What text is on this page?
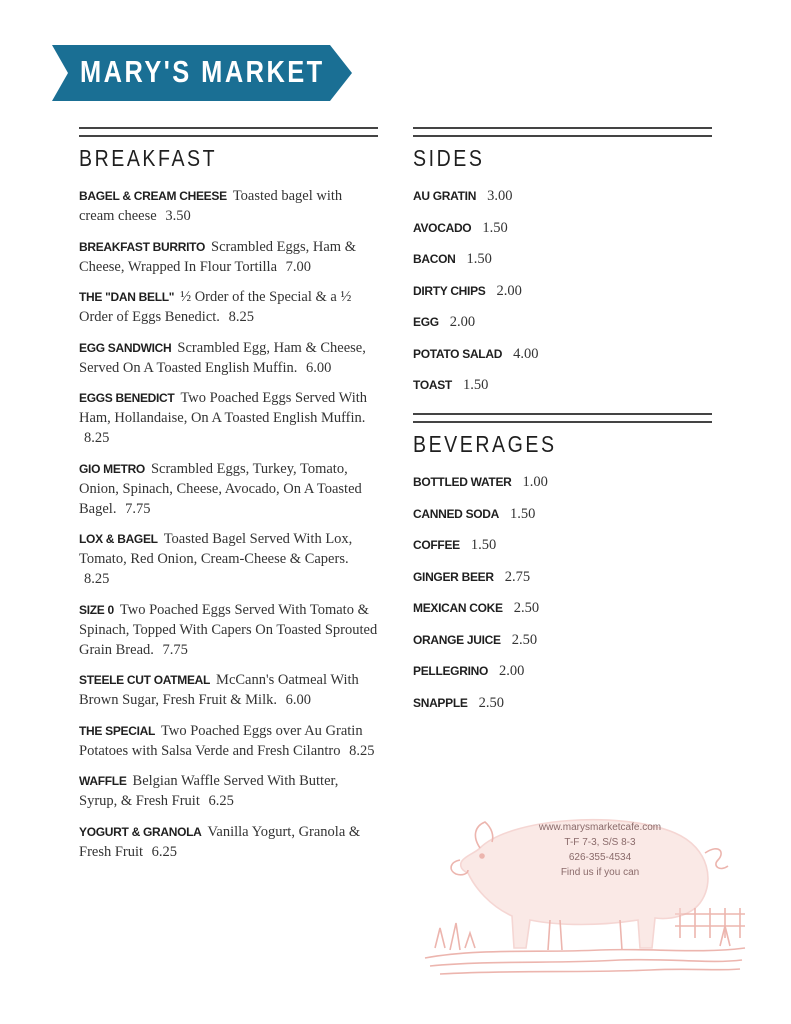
MARY'S MARKET
BREAKFAST
BAGEL & CREAM CHEESE Toasted bagel with cream cheese 3.50
BREAKFAST BURRITO Scrambled Eggs, Ham & Cheese, Wrapped In Flour Tortilla 7.00
THE "DAN BELL" ½ Order of the Special & a ½ Order of Eggs Benedict. 8.25
EGG SANDWICH Scrambled Egg, Ham & Cheese, Served On A Toasted English Muffin. 6.00
EGGS BENEDICT Two Poached Eggs Served With Ham, Hollandaise, On A Toasted English Muffin. 8.25
GIO METRO Scrambled Eggs, Turkey, Tomato, Onion, Spinach, Cheese, Avocado, On A Toasted Bagel. 7.75
LOX & BAGEL Toasted Bagel Served With Lox, Tomato, Red Onion, Cream-Cheese & Capers. 8.25
SIZE 0 Two Poached Eggs Served With Tomato & Spinach, Topped With Capers On Toasted Sprouted Grain Bread. 7.75
STEELE CUT OATMEAL McCann's Oatmeal With Brown Sugar, Fresh Fruit & Milk. 6.00
THE SPECIAL Two Poached Eggs over Au Gratin Potatoes with Salsa Verde and Fresh Cilantro 8.25
WAFFLE Belgian Waffle Served With Butter, Syrup, & Fresh Fruit 6.25
YOGURT & GRANOLA Vanilla Yogurt, Granola & Fresh Fruit 6.25
SIDES
AU GRATIN 3.00
AVOCADO 1.50
BACON 1.50
DIRTY CHIPS 2.00
EGG 2.00
POTATO SALAD 4.00
TOAST 1.50
BEVERAGES
BOTTLED WATER 1.00
CANNED SODA 1.50
COFFEE 1.50
GINGER BEER 2.75
MEXICAN COKE 2.50
ORANGE JUICE 2.50
PELLEGRINO 2.00
SNAPPLE 2.50
www.marysmarketcafe.com
T-F 7-3, S/S 8-3
626-355-4534
Find us if you can
